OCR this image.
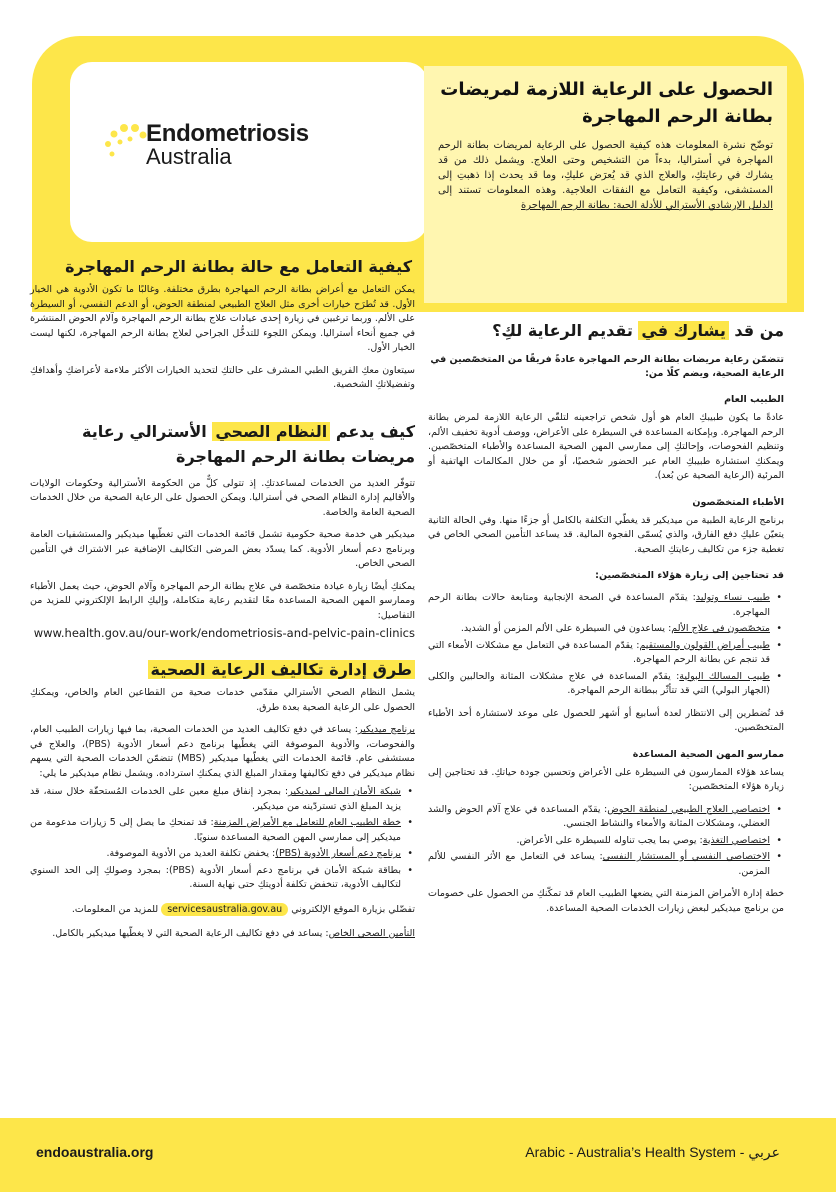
Endometriosis
Australia
الحصول على الرعاية اللازمة لمريضات بطانة الرحم المهاجرة
توضّح نشرة المعلومات هذه كيفية الحصول على الرعاية لمريضات بطانة الرحم المهاجرة في أستراليا، بدءاً من التشخيص وحتى العلاج. ويشمل ذلك من قد يشارك في رعايتكِ، والعلاج الذي قد يُعرَض عليكِ، وما قد يحدث إذا ذهبتِ إلى المستشفى، وكيفية التعامل مع النفقات العلاجية. وهذه المعلومات تستند إلى الدليل الإرشادي الأسترالي للأدلة الحية: بطانة الرحم المهاجرة
كيفية التعامل مع حالة بطانة الرحم المهاجرة
يمكن التعامل مع أعراض بطانة الرحم المهاجرة بطرق مختلفة. وغالبًا ما تكون الأدوية هي الخيار الأول. قد تُطرَح خيارات أخرى مثل العلاج الطبيعي لمنطقة الحوض، أو الدعم النفسي، أو السيطرة على الألم. وربما ترغبين في زيارة إحدى عيادات علاج بطانة الرحم المهاجرة وآلام الحوض المنتشرة في جميع أنحاء أستراليا. ويمكن اللجوء للتدخُّل الجراحي لعلاج بطانة الرحم المهاجرة، لكنها ليست الخيار الأول.
سيتعاون معكِ الفريق الطبي المشرف على حالتكِ لتحديد الخيارات الأكثر ملاءمة لأعراضكِ وأهدافكِ وتفضيلاتكِ الشخصية.
كيف يدعم النظام الصحي الأسترالي رعاية مريضات بطانة الرحم المهاجرة
تتوفّر العديد من الخدمات لمساعدتكِ. إذ تتولى كلٌّ من الحكومة الأسترالية وحكومات الولايات والأقاليم إدارة النظام الصحي في أستراليا. ويمكن الحصول على الرعاية الصحية من خلال الخدمات الصحية العامة والخاصة.
ميديكير هي خدمة صحية حكومية تشمل قائمة الخدمات التي تغطّيها ميديكير والمستشفيات العامة وبرنامج دعم أسعار الأدوية. كما يسدّد بعض المرضى التكاليف الإضافية عبر الاشتراك في التأمين الصحي الخاص.
يمكنكِ أيضًا زيارة عيادة متخصّصة في علاج بطانة الرحم المهاجرة وآلام الحوض، حيث يعمل الأطباء وممارسو المهن الصحية المساعدة معًا لتقديم رعاية متكاملة، وإليكِ الرابط الإلكتروني للمزيد من التفاصيل:
www.health.gov.au/our-work/endometriosis-and-pelvic-pain-clinics
طرق إدارة تكاليف الرعاية الصحية
يشمل النظام الصحي الأسترالي مقدّمي خدمات صحية من القطاعين العام والخاص، ويمكنكِ الحصول على الرعاية الصحية بعدة طرق.
برنامج ميديكير: يساعد في دفع تكاليف العديد من الخدمات الصحية، بما فيها زيارات الطبيب العام، والفحوصات، والأدوية الموصوفة التي يغطّيها برنامج دعم أسعار الأدوية (PBS)، والعلاج في مستشفى عام. قائمة الخدمات التي يغطّيها ميديكير (MBS) تتضمّن الخدمات الصحية التي يسهم نظام ميديكير في دفع تكاليفها ومقدار المبلغ الذي يمكنكِ استرداده. ويشمل نظام ميديكير ما يلي:
• شبكة الأمان المالي لميديكير: بمجرد إنفاق مبلغ معين على الخدمات المُستحقّة خلال سنة، قد يزيد المبلغ الذي تستردّينه من ميديكير.
• خطة الطبيب العام للتعامل مع الأمراض المزمنة: قد تمنحكِ ما يصل إلى 5 زيارات مدعومة من ميديكير إلى ممارسي المهن الصحية المساعدة سنويًا.
• برنامج دعم أسعار الأدوية (PBS): يخفض تكلفة العديد من الأدوية الموصوفة.
• بطاقة شبكة الأمان في برنامج دعم أسعار الأدوية (PBS): بمجرد وصولكِ إلى الحد السنوي لتكاليف الأدوية، تنخفض تكلفة أدويتكِ حتى نهاية السنة.
تفضّلي بزيارة الموقع الإلكتروني servicesaustralia.gov.au للمزيد من المعلومات.
التأمين الصحي الخاص: يساعد في دفع تكاليف الرعاية الصحية التي لا يغطّيها ميديكير بالكامل.
من قد يشارك في تقديم الرعاية لكِ؟
تتضمّن رعاية مريضات بطانة الرحم المهاجرة عادةً فريقًا من المتخصّصين في الرعاية الصحية، ويضم كلًا من:
الطبيب العام
عادةً ما يكون طبيبكِ العام هو أول شخص تراجعينه لتلقّي الرعاية اللازمة لمرض بطانة الرحم المهاجرة. وبإمكانه المساعدة في السيطرة على الأعراض، ووصف أدوية تخفيف الألم، وتنظيم الفحوصات، وإحالتكِ إلى ممارسي المهن الصحية المساعدة والأطباء المتخصّصين. ويمكنكِ استشارة طبيبكِ العام عبر الحضور شخصيًا، أو من خلال المكالمات الهاتفية أو المرئية (الرعاية الصحية عن بُعد).
الأطباء المتخصّصون
برنامج الرعاية الطبية من ميديكير قد يغطّي التكلفة بالكامل أو جزءًا منها. وفي الحالة الثانية يتعيّن عليكِ دفع الفارق، والذي يُسمّى الفجوة المالية. قد يساعد التأمين الصحي الخاص في تغطية جزء من تكاليف رعايتكِ الصحية.
قد تحتاجين إلى زيارة هؤلاء المتخصّصين:
• طبيب نساء وتوليد: يقدّم المساعدة في الصحة الإنجابية ومتابعة حالات بطانة الرحم المهاجرة.
• متخصّصون في علاج الألم: يساعدون في السيطرة على الألم المزمن أو الشديد.
• طبيب أمراض القولون والمستقيم: يقدّم المساعدة في التعامل مع مشكلات الأمعاء التي قد تنجم عن بطانة الرحم المهاجرة.
• طبيب المسالك البولية: يقدّم المساعدة في علاج مشكلات المثانة والحالبين والكلى (الجهاز البولي) التي قد تتأثّر ببطانة الرحم المهاجرة.
قد تُضطرين إلى الانتظار لعدة أسابيع أو أشهر للحصول على موعد لاستشارة أحد الأطباء المتخصّصين.
ممارسو المهن الصحية المساعدة
يساعد هؤلاء الممارسون في السيطرة على الأعراض وتحسين جودة حياتكِ. قد تحتاجين إلى زيارة هؤلاء المتخصّصين:
• اختصاصي العلاج الطبيعي لمنطقة الحوض: يقدّم المساعدة في علاج آلام الحوض والشد العضلي، ومشكلات المثانة والأمعاء والنشاط الجنسي.
• اختصاصي التغذية: يوصي بما يجب تناوله للسيطرة على الأعراض.
• الاختصاصي النفسي أو المستشار النفسي: يساعد في التعامل مع الأثر النفسي للألم المزمن.
خطة إدارة الأمراض المزمنة التي يضعها الطبيب العام قد تمكّنكِ من الحصول على خصومات من برنامج ميديكير لبعض زيارات الخدمات الصحية المساعدة.
endoaustralia.org	Arabic - Australia’s Health System - عربي
